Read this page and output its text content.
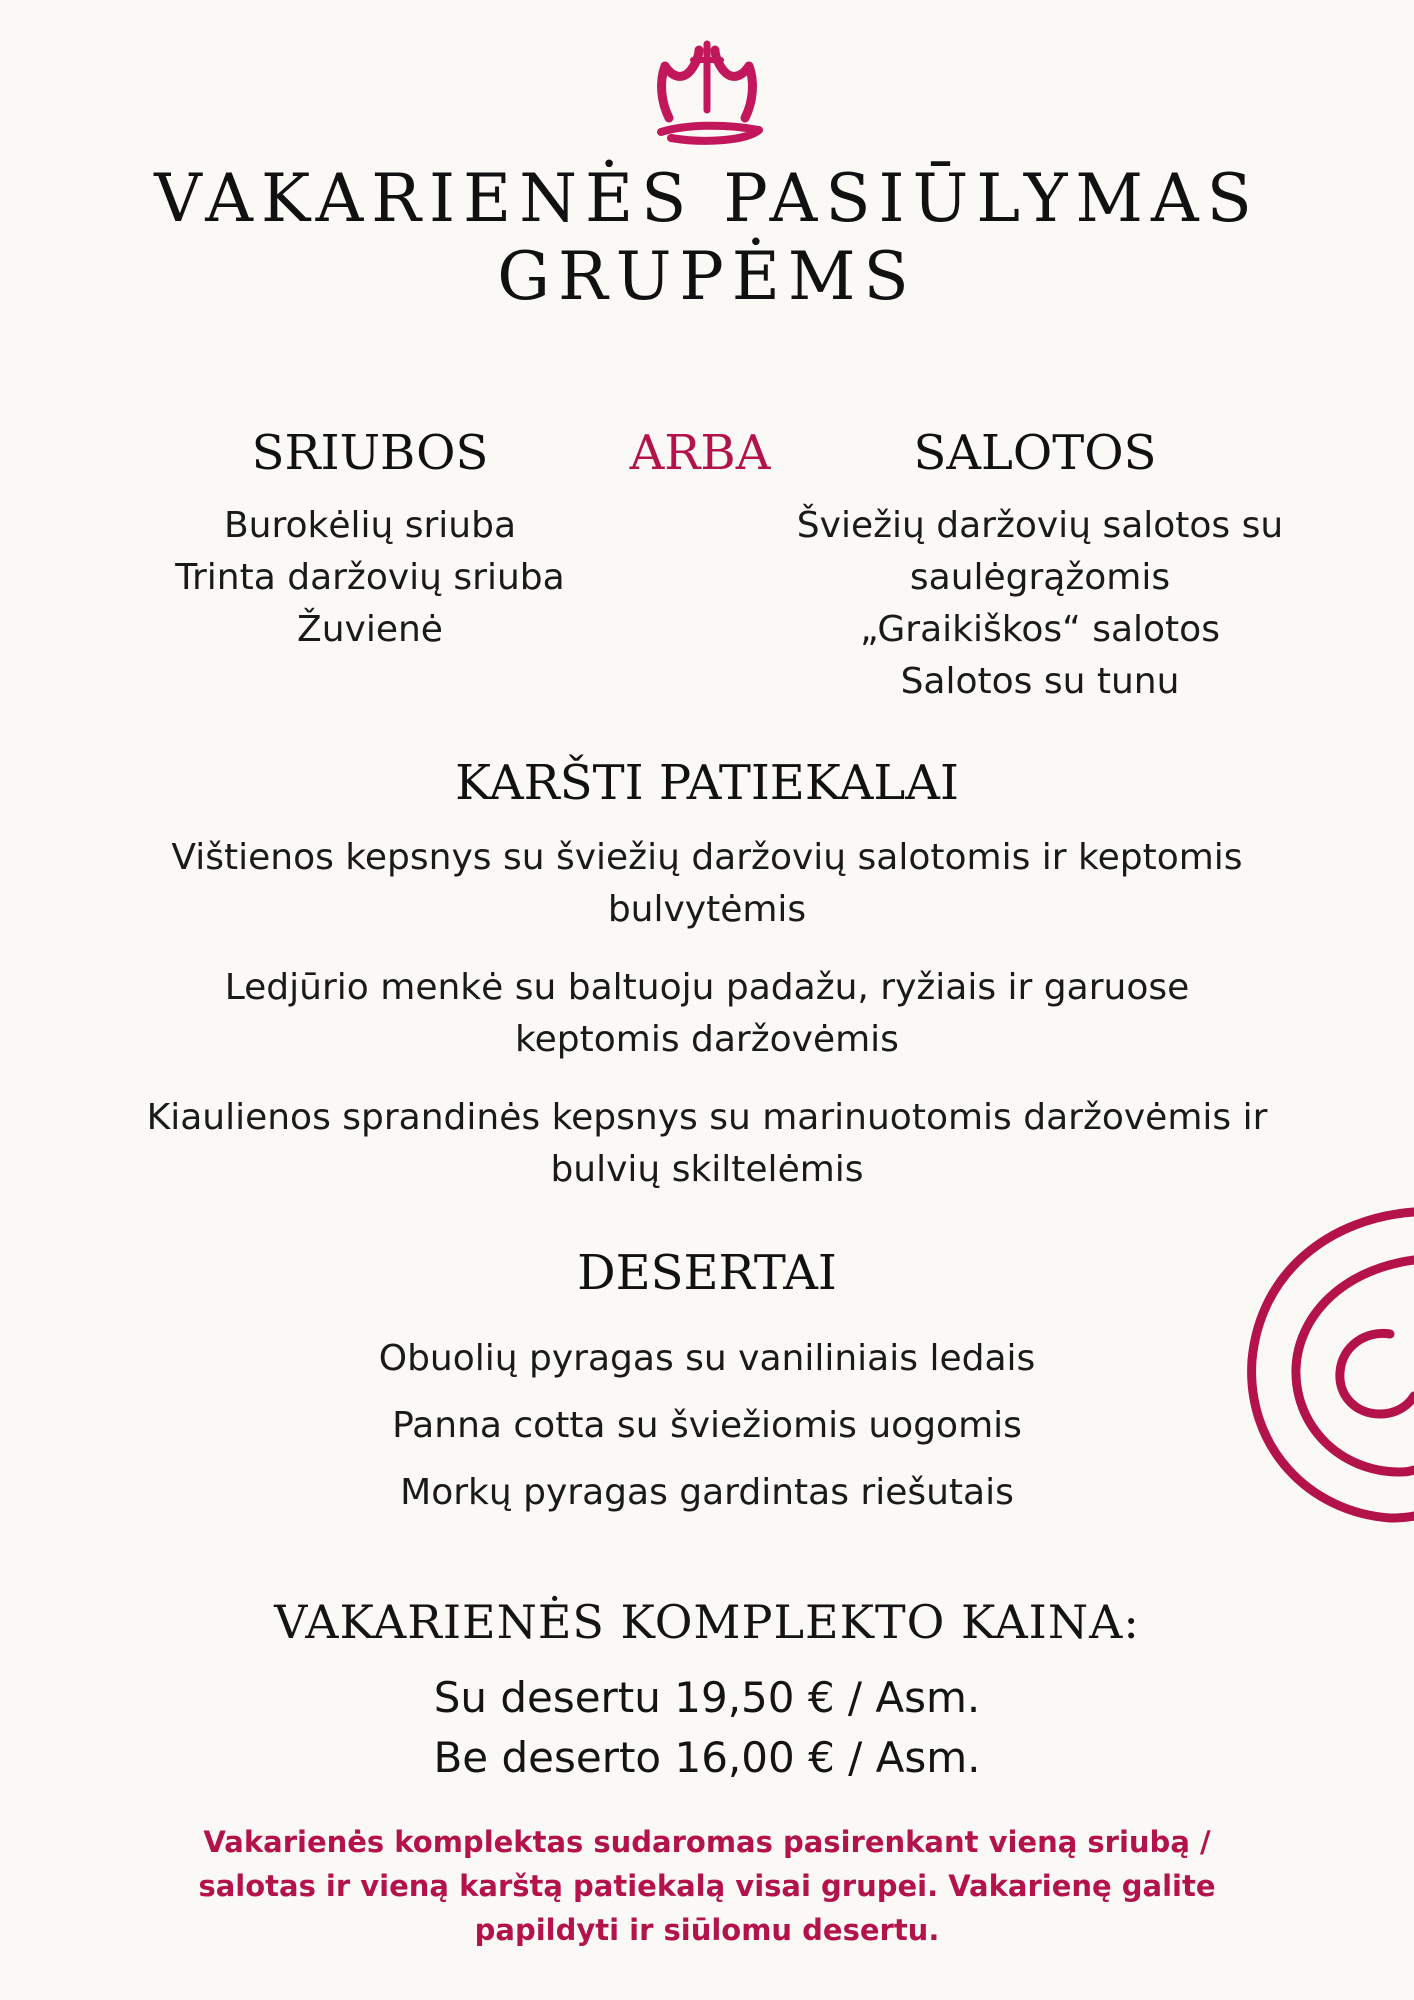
VAKARIENĖS PASIŪLYMAS
GRUPĖMS
SRIUBOS
Burokėlių sriuba
Trinta daržovių sriuba
Žuvienė
ARBA	SALOTOS
Šviežių daržovių salotos su
saulėgrąžomis
„Graikiškos“ salotos
Salotos su tunu
KARŠTI PATIEKALAI
Vištienos kepsnys su šviežių daržovių salotomis ir keptomis
bulvytėmis
Ledjūrio menkė su baltuoju padažu, ryžiais ir garuose
keptomis daržovėmis
Kiaulienos sprandinės kepsnys su marinuotomis daržovėmis ir
bulvių skiltelėmis
DESERTAI
Obuolių pyragas su vaniliniais ledais
Panna cotta su šviežiomis uogomis
Morkų pyragas gardintas riešutais
VAKARIENĖS KOMPLEKTO KAINA:
Su desertu 19,50 € / Asm.
Be deserto 16,00 € / Asm.
Vakarienės komplektas sudaromas pasirenkant vieną sriubą / salotas ir vieną karštą patiekalą visai grupei. Vakarienę galite papildyti ir siūlomu desertu.
